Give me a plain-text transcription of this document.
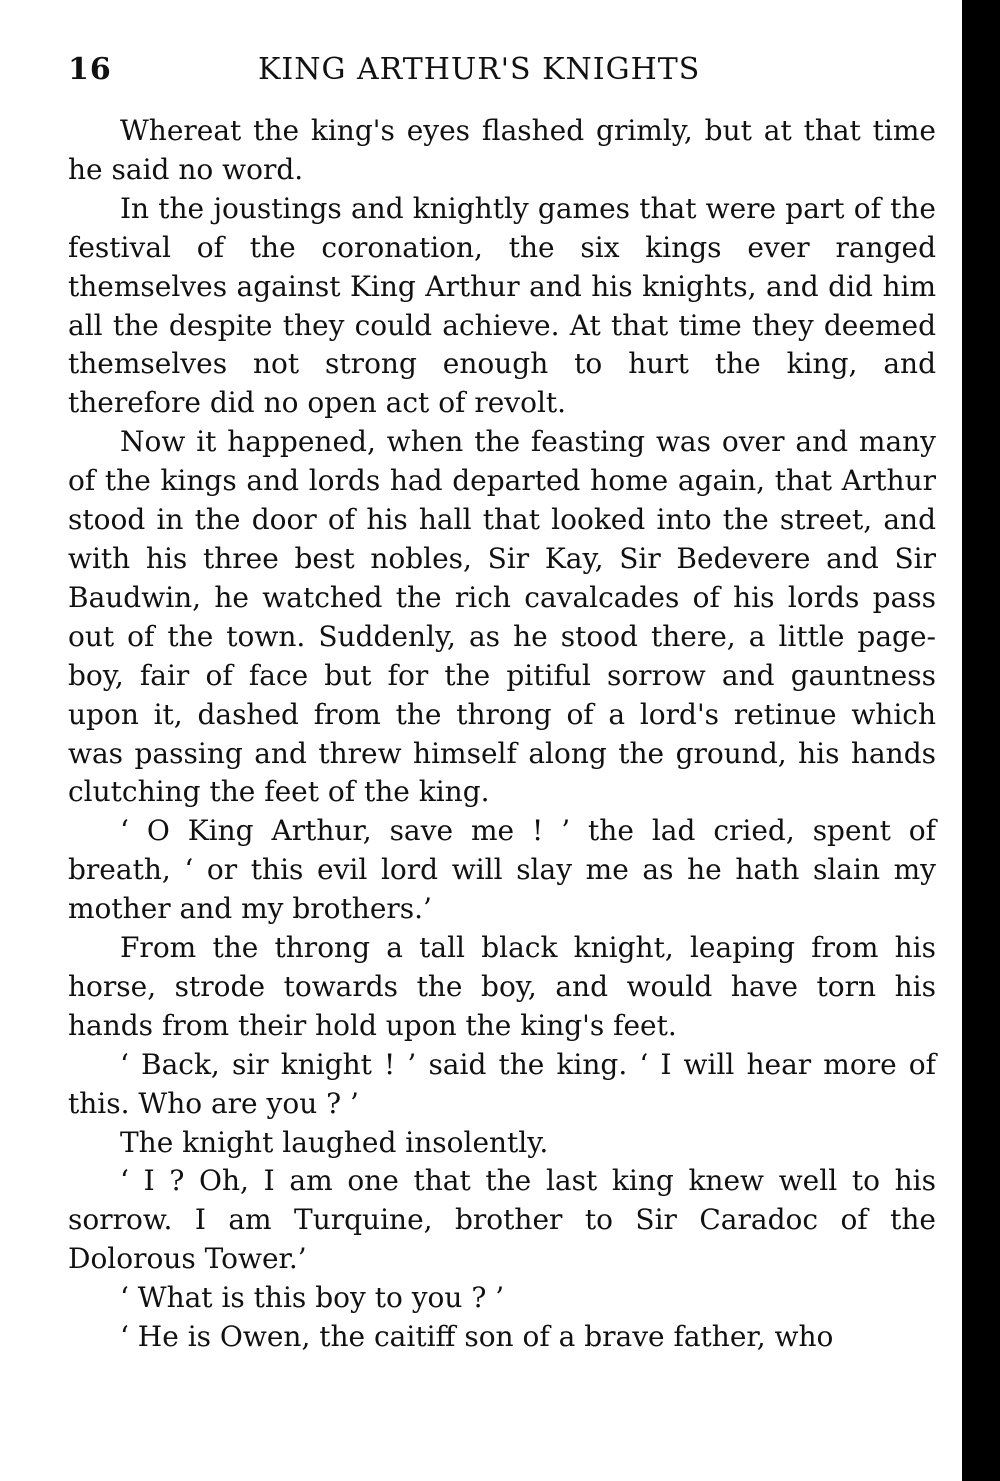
16	KING ARTHUR'S KNIGHTS

Whereat the king's eyes flashed grimly, but at that time he said no word.

In the joustings and knightly games that were part of the festival of the coronation, the six kings ever ranged themselves against King Arthur and his knights, and did him all the despite they could achieve. At that time they deemed themselves not strong enough to hurt the king, and therefore did no open act of revolt.

Now it happened, when the feasting was over and many of the kings and lords had departed home again, that Arthur stood in the door of his hall that looked into the street, and with his three best nobles, Sir Kay, Sir Bedevere and Sir Baudwin, he watched the rich cavalcades of his lords pass out of the town. Suddenly, as he stood there, a little page-boy, fair of face but for the pitiful sorrow and gauntness upon it, dashed from the throng of a lord's retinue which was passing and threw himself along the ground, his hands clutching the feet of the king.

‘ O King Arthur, save me ! ’ the lad cried, spent of breath, ‘ or this evil lord will slay me as he hath slain my mother and my brothers.’

From the throng a tall black knight, leaping from his horse, strode towards the boy, and would have torn his hands from their hold upon the king's feet.

‘ Back, sir knight ! ’ said the king. ‘ I will hear more of this. Who are you ? ’

The knight laughed insolently.

‘ I ? Oh, I am one that the last king knew well to his sorrow. I am Turquine, brother to Sir Caradoc of the Dolorous Tower.’

‘ What is this boy to you ? ’

‘ He is Owen, the caitiff son of a brave father, who
